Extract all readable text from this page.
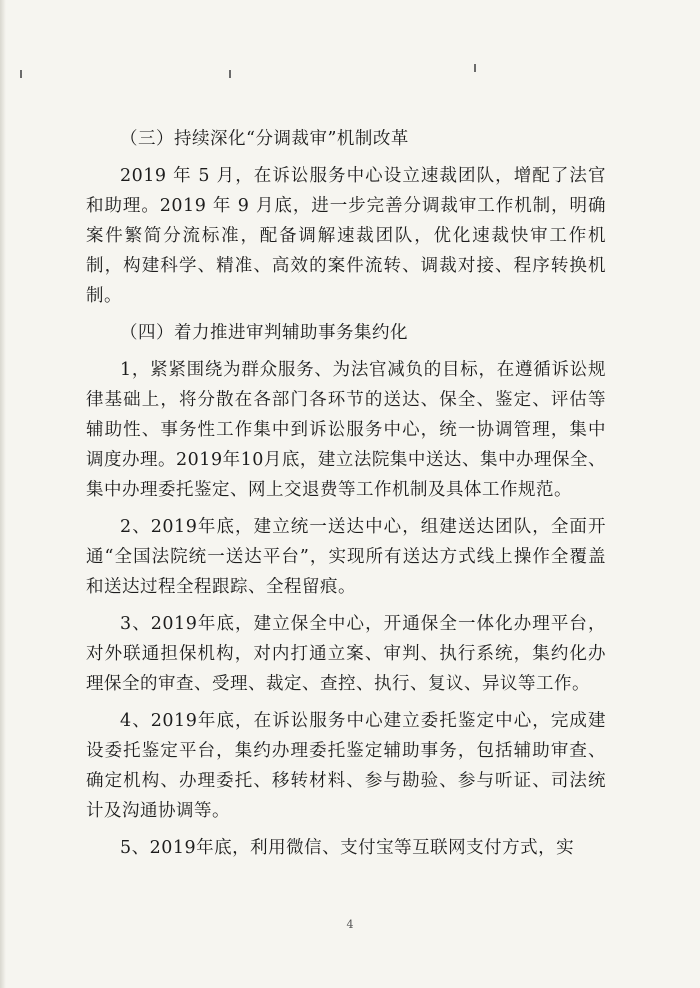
（三）持续深化“分调裁审”机制改革

2019 年 5 月，在诉讼服务中心设立速裁团队，增配了法官和助理。2019 年 9 月底，进一步完善分调裁审工作机制，明确案件繁简分流标准，配备调解速裁团队，优化速裁快审工作机制，构建科学、精准、高效的案件流转、调裁对接、程序转换机制。

（四）着力推进审判辅助事务集约化

1，紧紧围绕为群众服务、为法官减负的目标，在遵循诉讼规律基础上，将分散在各部门各环节的送达、保全、鉴定、评估等辅助性、事务性工作集中到诉讼服务中心，统一协调管理，集中调度办理。2019年10月底，建立法院集中送达、集中办理保全、集中办理委托鉴定、网上交退费等工作机制及具体工作规范。

2、2019年底，建立统一送达中心，组建送达团队，全面开通“全国法院统一送达平台”，实现所有送达方式线上操作全覆盖和送达过程全程跟踪、全程留痕。

3、2019年底，建立保全中心，开通保全一体化办理平台，对外联通担保机构，对内打通立案、审判、执行系统，集约化办理保全的审查、受理、裁定、查控、执行、复议、异议等工作。

4、2019年底，在诉讼服务中心建立委托鉴定中心，完成建设委托鉴定平台，集约办理委托鉴定辅助事务，包括辅助审查、确定机构、办理委托、移转材料、参与勘验、参与听证、司法统计及沟通协调等。

5、2019年底，利用微信、支付宝等互联网支付方式，实

4
